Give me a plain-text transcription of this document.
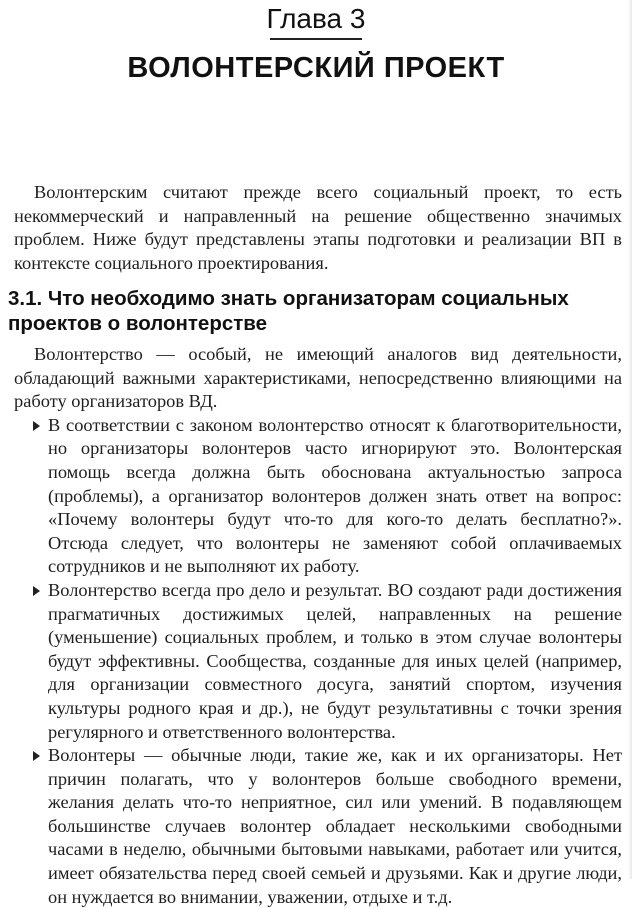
Глава 3
ВОЛОНТЕРСКИЙ ПРОЕКТ

Волонтерским считают прежде всего социальный проект, то есть некоммерческий и направленный на решение общественно значимых проблем. Ниже будут представлены этапы подготовки и реализации ВП в контексте социального проектирования.

3.1. Что необходимо знать организаторам социальных проектов о волонтерстве

Волонтерство — особый, не имеющий аналогов вид деятельности, обладающий важными характеристиками, непосредственно влияющими на работу организаторов ВД.

В соответствии с законом волонтерство относят к благотворительности, но организаторы волонтеров часто игнорируют это. Волонтерская помощь всегда должна быть обоснована актуальностью запроса (проблемы), а организатор волонтеров должен знать ответ на вопрос: «Почему волонтеры будут что-то для кого-то делать бесплатно?». Отсюда следует, что волонтеры не заменяют собой оплачиваемых сотрудников и не выполняют их работу.
Волонтерство всегда про дело и результат. ВО создают ради достижения прагматичных достижимых целей, направленных на решение (уменьшение) социальных проблем, и только в этом случае волонтеры будут эффективны. Сообщества, созданные для иных целей (например, для организации совместного досуга, занятий спортом, изучения культуры родного края и др.), не будут результативны с точки зрения регулярного и ответственного волонтерства.
Волонтеры — обычные люди, такие же, как и их организаторы. Нет причин полагать, что у волонтеров больше свободного времени, желания делать что-то неприятное, сил или умений. В подавляющем большинстве случаев волонтер обладает несколькими свободными часами в неделю, обычными бытовыми навыками, работает или учится, имеет обязательства перед своей семьей и друзьями. Как и другие люди, он нуждается во внимании, уважении, отдыхе и т.д.
